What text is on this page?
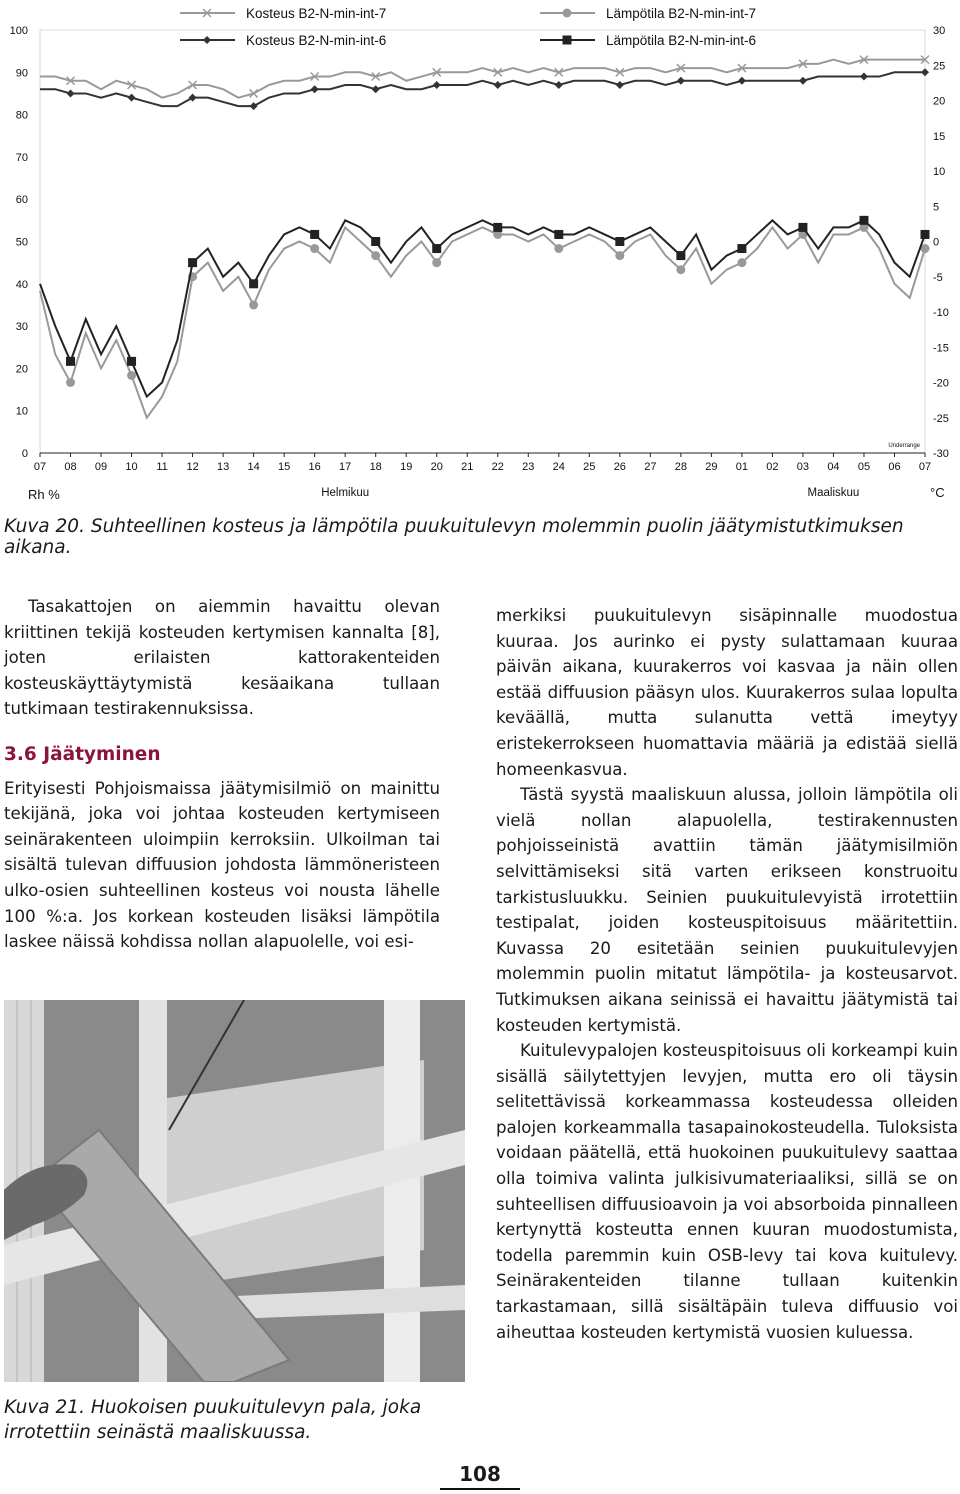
Kosteus B2-N-min-int-7
Kosteus B2-N-min-int-6
Lämpötila B2-N-min-int-7
Lämpötila B2-N-min-int-6
07 08 09 10 11 12 13 14 15 16 17 18 19 20 21 22 23 24 25 26 27 28 29 01 02 03 04 05 06 07
Helmikuu	Maaliskuu
100
90
80
70
60
50
40
30
20
10
0
30
25
20
15
10
5
0
-5
-10
-15
-20
-25
-30
Rh %	°C
Underrange
Kuva 20. Suhteellinen kosteus ja lämpötila puukuitulevyn molemmin puolin jäätymistutkimuksen aikana.

Tasakattojen on aiemmin havaittu olevan kriittinen tekijä kosteuden kertymisen kannalta [8], joten erilaisten kattorakenteiden kosteuskäyttäytymistä kesäaikana tullaan tutkimaan testirakennuksissa.

3.6 Jäätyminen

Erityisesti Pohjoismaissa jäätymisilmiö on mainittu tekijänä, joka voi johtaa kosteuden kertymiseen seinärakenteen uloimpiin kerroksiin. Ulkoilman tai sisältä tulevan diffuusion johdosta lämmöneristeen ulko-osien suhteellinen kosteus voi nousta lähelle 100 %:a. Jos korkean kosteuden lisäksi lämpötila laskee näissä kohdissa nollan alapuolelle, voi esi-

merkiksi puukuitulevyn sisäpinnalle muodostua kuuraa. Jos aurinko ei pysty sulattamaan kuuraa päivän aikana, kuurakerros voi kasvaa ja näin ollen estää diffuusion pääsyn ulos. Kuurakerros sulaa lopulta keväällä, mutta sulanutta vettä imeytyy eristekerrokseen huomattavia määriä ja edistää siellä homeenkasvua.

Tästä syystä maaliskuun alussa, jolloin lämpötila oli vielä nollan alapuolella, testirakennusten pohjoisseinistä avattiin tämän jäätymisilmiön selvittämiseksi sitä varten erikseen konstruoitu tarkistusluukku. Seinien puukuitulevyistä irrotettiin testipalat, joiden kosteuspitoisuus määritettiin. Kuvassa 20 esitetään seinien puukuitulevyjen molemmin puolin mitatut lämpötila- ja kosteusarvot. Tutkimuksen aikana seinissä ei havaittu jäätymistä tai kosteuden kertymistä.

Kuitulevypalojen kosteuspitoisuus oli korkeampi kuin sisällä säilytettyjen levyjen, mutta ero oli täysin selitettävissä korkeammassa kosteudessa olleiden palojen korkeammalla tasapainokosteudella. Tuloksista voidaan päätellä, että huokoinen puukuitulevy saattaa olla toimiva valinta julkisivumateriaaliksi, sillä se on suhteellisen diffuusioavoin ja voi absorboida pinnalleen kertynyttä kosteutta ennen kuuran muodostumista, todella paremmin kuin OSB-levy tai kova kuitulevy. Seinärakenteiden tilanne tullaan kuitenkin tarkastamaan, sillä sisältäpäin tuleva diffuusio voi aiheuttaa kosteuden kertymistä vuosien kuluessa.

Kuva 21. Huokoisen puukuitulevyn pala, joka irrotettiin seinästä maaliskuussa.
108
